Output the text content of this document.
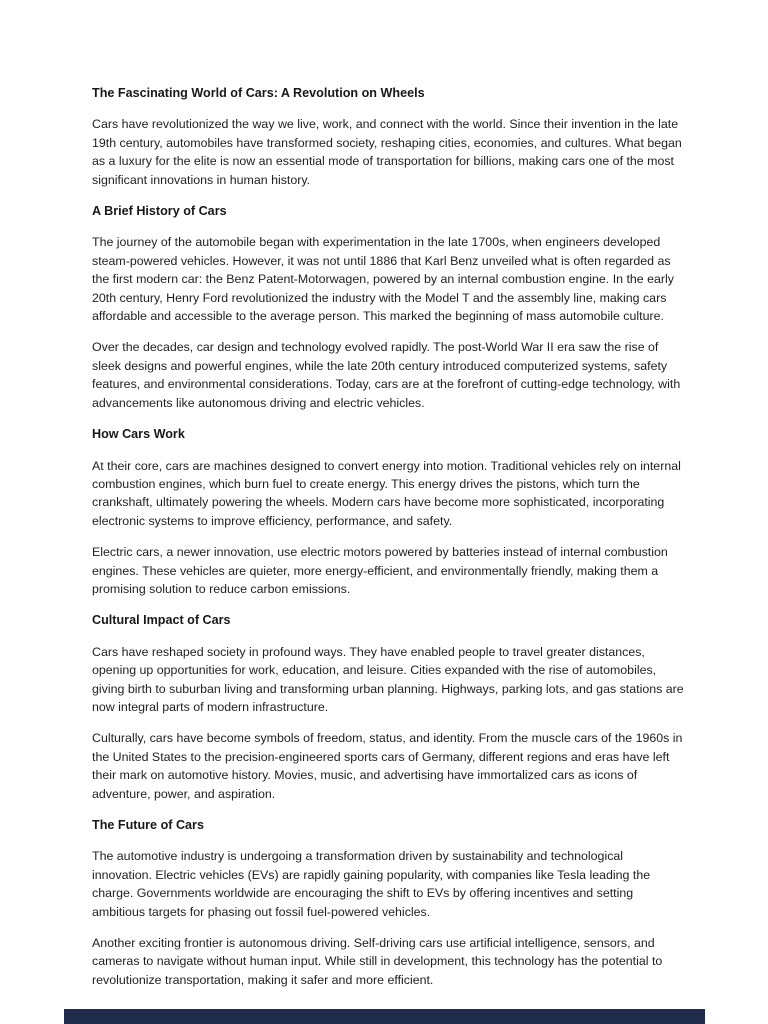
The Fascinating World of Cars: A Revolution on Wheels

Cars have revolutionized the way we live, work, and connect with the world. Since their invention in the late 19th century, automobiles have transformed society, reshaping cities, economies, and cultures. What began as a luxury for the elite is now an essential mode of transportation for billions, making cars one of the most significant innovations in human history.

A Brief History of Cars

The journey of the automobile began with experimentation in the late 1700s, when engineers developed steam-powered vehicles. However, it was not until 1886 that Karl Benz unveiled what is often regarded as the first modern car: the Benz Patent-Motorwagen, powered by an internal combustion engine. In the early 20th century, Henry Ford revolutionized the industry with the Model T and the assembly line, making cars affordable and accessible to the average person. This marked the beginning of mass automobile culture.

Over the decades, car design and technology evolved rapidly. The post-World War II era saw the rise of sleek designs and powerful engines, while the late 20th century introduced computerized systems, safety features, and environmental considerations. Today, cars are at the forefront of cutting-edge technology, with advancements like autonomous driving and electric vehicles.

How Cars Work

At their core, cars are machines designed to convert energy into motion. Traditional vehicles rely on internal combustion engines, which burn fuel to create energy. This energy drives the pistons, which turn the crankshaft, ultimately powering the wheels. Modern cars have become more sophisticated, incorporating electronic systems to improve efficiency, performance, and safety.

Electric cars, a newer innovation, use electric motors powered by batteries instead of internal combustion engines. These vehicles are quieter, more energy-efficient, and environmentally friendly, making them a promising solution to reduce carbon emissions.

Cultural Impact of Cars

Cars have reshaped society in profound ways. They have enabled people to travel greater distances, opening up opportunities for work, education, and leisure. Cities expanded with the rise of automobiles, giving birth to suburban living and transforming urban planning. Highways, parking lots, and gas stations are now integral parts of modern infrastructure.

Culturally, cars have become symbols of freedom, status, and identity. From the muscle cars of the 1960s in the United States to the precision-engineered sports cars of Germany, different regions and eras have left their mark on automotive history. Movies, music, and advertising have immortalized cars as icons of adventure, power, and aspiration.

The Future of Cars

The automotive industry is undergoing a transformation driven by sustainability and technological innovation. Electric vehicles (EVs) are rapidly gaining popularity, with companies like Tesla leading the charge. Governments worldwide are encouraging the shift to EVs by offering incentives and setting ambitious targets for phasing out fossil fuel-powered vehicles.

Another exciting frontier is autonomous driving. Self-driving cars use artificial intelligence, sensors, and cameras to navigate without human input. While still in development, this technology has the potential to revolutionize transportation, making it safer and more efficient.
